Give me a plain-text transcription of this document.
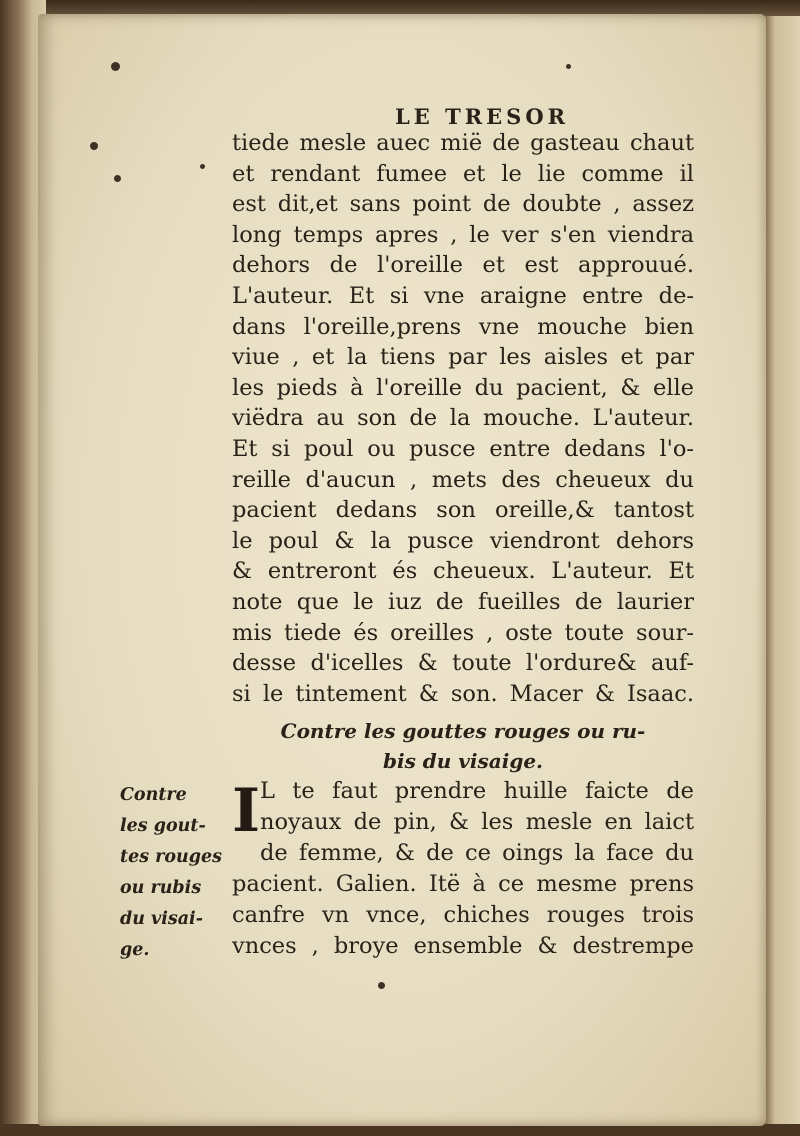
LE TRESOR
tiede mesle auec mië de gasteau chaut
et rendant fumee et le lie comme il
est dit,et sans point de doubte , assez
long temps apres , le ver s'en viendra
dehors de l'oreille et est approuué.
L'auteur. Et si vne araigne entre de-
dans l'oreille,prens vne mouche bien
viue , et la tiens par les aisles et par
les pieds à l'oreille du pacient, & elle
viëdra au son de la mouche. L'auteur.
Et si poul ou pusce entre dedans l'o-
reille d'aucun , mets des cheueux du
pacient dedans son oreille,& tantost
le poul & la pusce viendront dehors
& entreront és cheueux. L'auteur. Et
note que le iuz de fueilles de laurier
mis tiede és oreilles , oste toute sour-
desse d'icelles & toute l'ordure& auf-
si le tintement & son. Macer & Isaac.
Contre les gouttes rouges ou ru-
bis du visaige.
I L te faut prendre huille faicte de
noyaux de pin, & les mesle en laict
de femme, & de ce oings la face du
pacient. Galien. Itë à ce mesme prens
canfre vn vnce, chiches rouges trois
vnces , broye ensemble & destrempe
Contre
les gout-
tes rouges
ou rubis
du visai-
ge.
